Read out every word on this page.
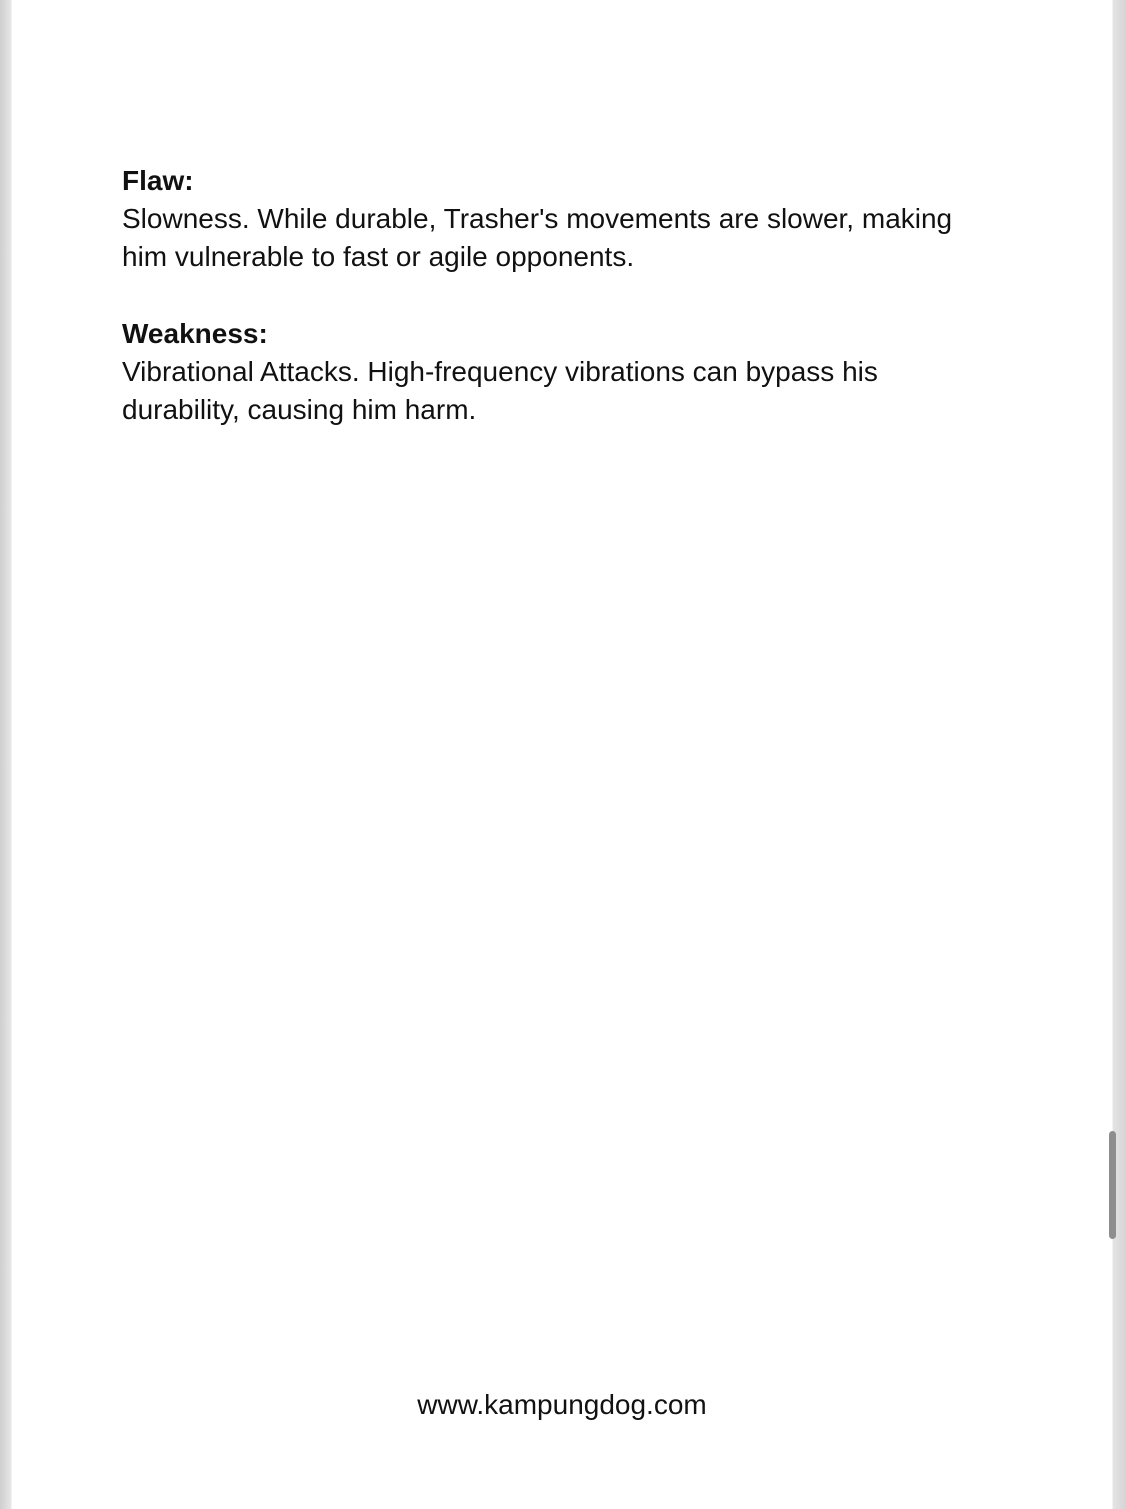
Flaw:

Slowness. While durable, Trasher's movements are slower, making him vulnerable to fast or agile opponents.

Weakness:

Vibrational Attacks. High-frequency vibrations can bypass his durability, causing him harm.

www.kampungdog.com
